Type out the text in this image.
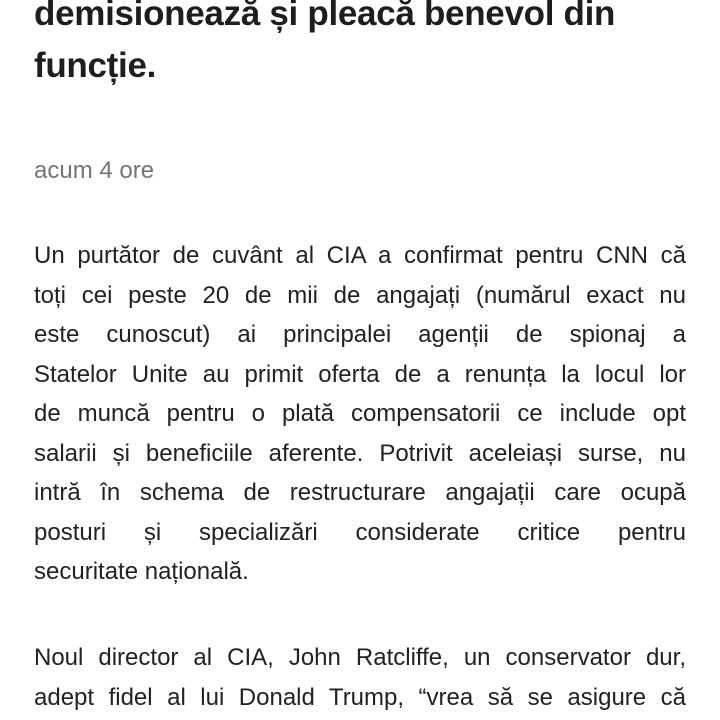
demisionează și pleacă benevol din
funcție.

acum 4 ore

Un purtător de cuvânt al CIA a confirmat pentru CNN că
toți cei peste 20 de mii de angajați (numărul exact nu
este cunoscut) ai principalei agenții de spionaj a
Statelor Unite au primit oferta de a renunța la locul lor
de muncă pentru o plată compensatorii ce include opt
salarii și beneficiile aferente. Potrivit aceleiași surse, nu
intră în schema de restructurare angajații care ocupă
posturi și specializări considerate critice pentru
securitate națională.

Noul director al CIA, John Ratcliffe, un conservator dur,
adept fidel al lui Donald Trump, “vrea să se asigure că
